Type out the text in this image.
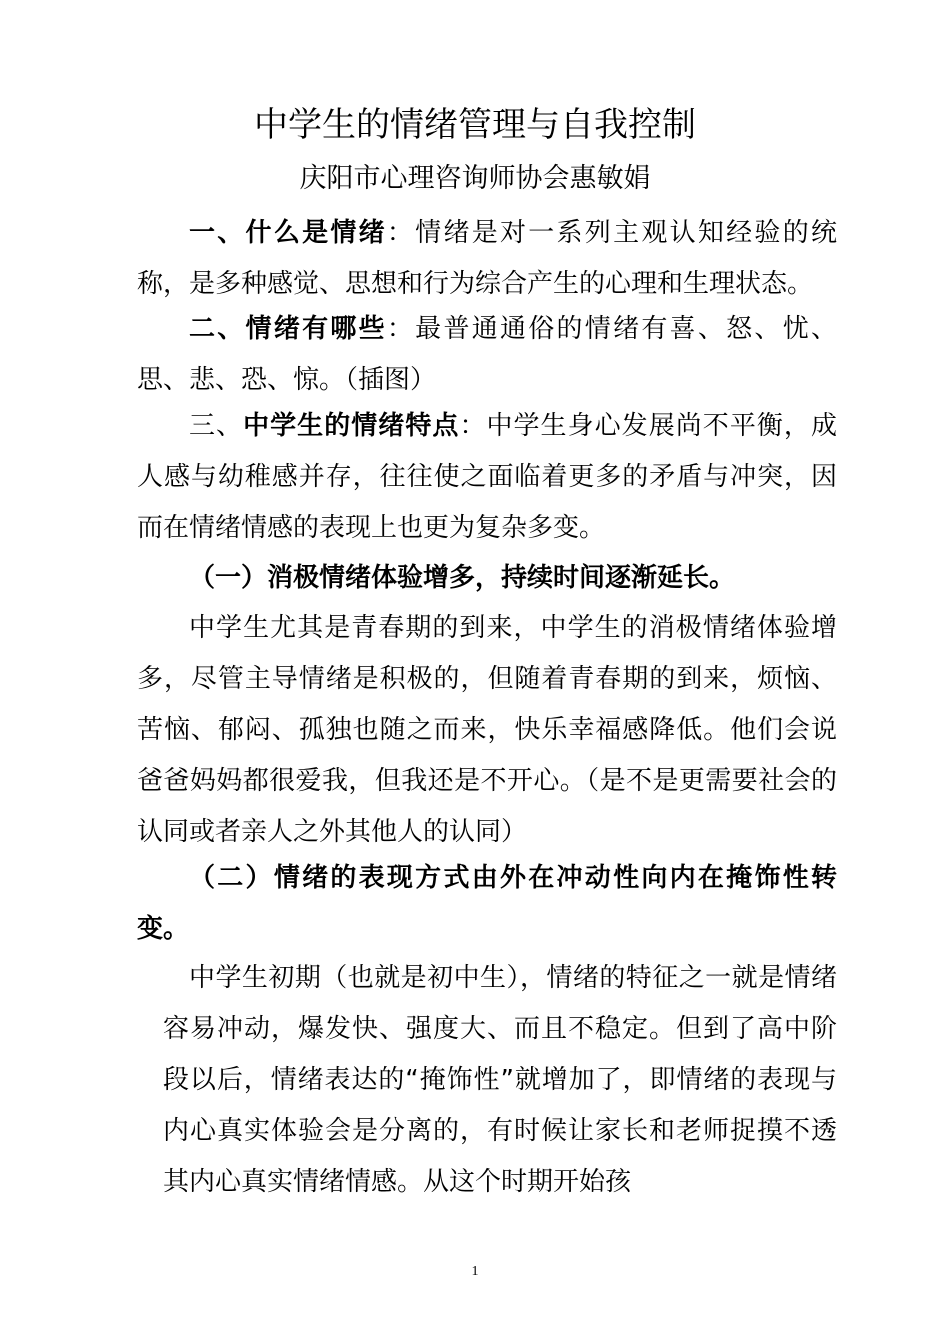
中学生的情绪管理与自我控制

庆阳市心理咨询师协会惠敏娟

一、什么是情绪：情绪是对一系列主观认知经验的统称，是多种感觉、思想和行为综合产生的心理和生理状态。

二、情绪有哪些：最普通通俗的情绪有喜、怒、忧、思、悲、恐、惊。（插图）

三、中学生的情绪特点：中学生身心发展尚不平衡，成人感与幼稚感并存，往往使之面临着更多的矛盾与冲突，因而在情绪情感的表现上也更为复杂多变。

（一）消极情绪体验增多，持续时间逐渐延长。

中学生尤其是青春期的到来，中学生的消极情绪体验增多，尽管主导情绪是积极的，但随着青春期的到来，烦恼、苦恼、郁闷、孤独也随之而来，快乐幸福感降低。他们会说爸爸妈妈都很爱我，但我还是不开心。（是不是更需要社会的认同或者亲人之外其他人的认同）

（二）情绪的表现方式由外在冲动性向内在掩饰性转变。

中学生初期（也就是初中生），情绪的特征之一就是情绪容易冲动，爆发快、强度大、而且不稳定。但到了高中阶段以后，情绪表达的“掩饰性”就增加了，即情绪的表现与内心真实体验会是分离的，有时候让家长和老师捉摸不透其内心真实情绪情感。从这个时期开始孩

1
